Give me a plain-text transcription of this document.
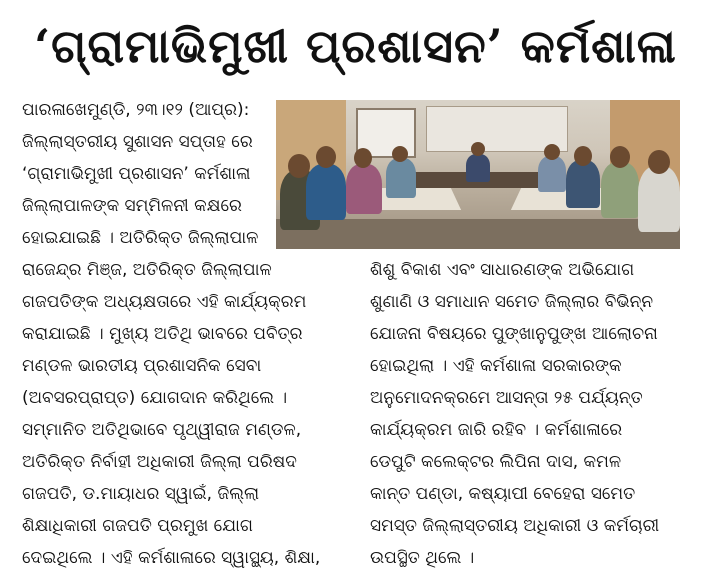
‘ଗ୍ରାମାଭିମୁଖୀ ପ୍ରଶାସନ’ କର୍ମଶାଳା
ପାରଳାଖେମୁଣ୍ଡି, ୨୩।୧୨ (ଆପ୍ର):
ଜିଲ୍ଲାସ୍ତରୀୟ ସୁଶାସନ ସପ୍ତାହ ରେ
‘ଗ୍ରାମାଭିମୁଖୀ ପ୍ରଶାସନ’ କର୍ମଶାଳା
ଜିଲ୍ଲାପାଳଙ୍କ ସମ୍ମିଳନୀ କକ୍ଷରେ
ହୋଇଯାଇଛି । ଅତିରିକ୍ତ ଜିଲ୍ଲାପାଳ
ରାଜେନ୍ଦ୍ର ମିଞ୍ଜ, ଅତିରିକ୍ତ ଜିଲ୍ଲାପାଳ
ଗଜପତିଙ୍କ ଅଧ୍ୟକ୍ଷତାରେ ଏହି କାର୍ଯ୍ୟକ୍ରମ
କରାଯାଇଛି । ମୁଖ୍ୟ ଅତିଥି ଭାବରେ ପବିତ୍ର
ମଣ୍ଡଳ ଭାରତୀୟ ପ୍ରଶାସନିକ ସେବା
(ଅବସରପ୍ରାପ୍ତ) ଯୋଗଦାନ କରିଥିଲେ ।
ସମ୍ମାନିତ ଅତିଥିଭାବେ ପୃଥ୍ୱୀରାଜ ମଣ୍ଡଳ,
ଅତିରିକ୍ତ ନିର୍ବାହୀ ଅଧିକାରୀ ଜିଲ୍ଲା ପରିଷଦ
ଗଜପତି, ଡ.ମାୟାଧର ସ୍ୱାଇଁ, ଜିଲ୍ଲା
ଶିକ୍ଷାଧିକାରୀ ଗଜପତି ପ୍ରମୁଖ ଯୋଗ
ଦେଇଥିଲେ । ଏହି କର୍ମଶାଳାରେ ସ୍ୱାସ୍ଥ୍ୟ, ଶିକ୍ଷା,
ଶିଶୁ ବିକାଶ ଏବଂ ସାଧାରଣଙ୍କ ଅଭିଯୋଗ
ଶୁଣାଣି ଓ ସମାଧାନ ସମେତ ଜିଲ୍ଲାର ବିଭିନ୍ନ
ଯୋଜନା ବିଷୟରେ ପୁଙ୍ଖାନୁପୁଙ୍ଖ ଆଲୋଚନା
ହୋଇଥିଲା । ଏହି କର୍ମଶାଳା ସରକାରଙ୍କ
ଅନୁମୋଦନକ୍ରମେ ଆସନ୍ତା ୨୫ ପର୍ଯ୍ୟନ୍ତ
କାର୍ଯ୍ୟକ୍ରମ ଜାରି ରହିବ । କର୍ମଶାଳାରେ
ଡେପୁଟି କଲେକ୍ଟର ଲିପିନା ଦାସ, କମଳ
କାନ୍ତ ପଣ୍ଡା, କଷ୍ୟାପୀ ବେହେରା ସମେତ
ସମସ୍ତ ଜିଲ୍ଲାସ୍ତରୀୟ ଅଧିକାରୀ ଓ କର୍ମଚାରୀ
ଉପସ୍ଥିତ ଥିଲେ ।
